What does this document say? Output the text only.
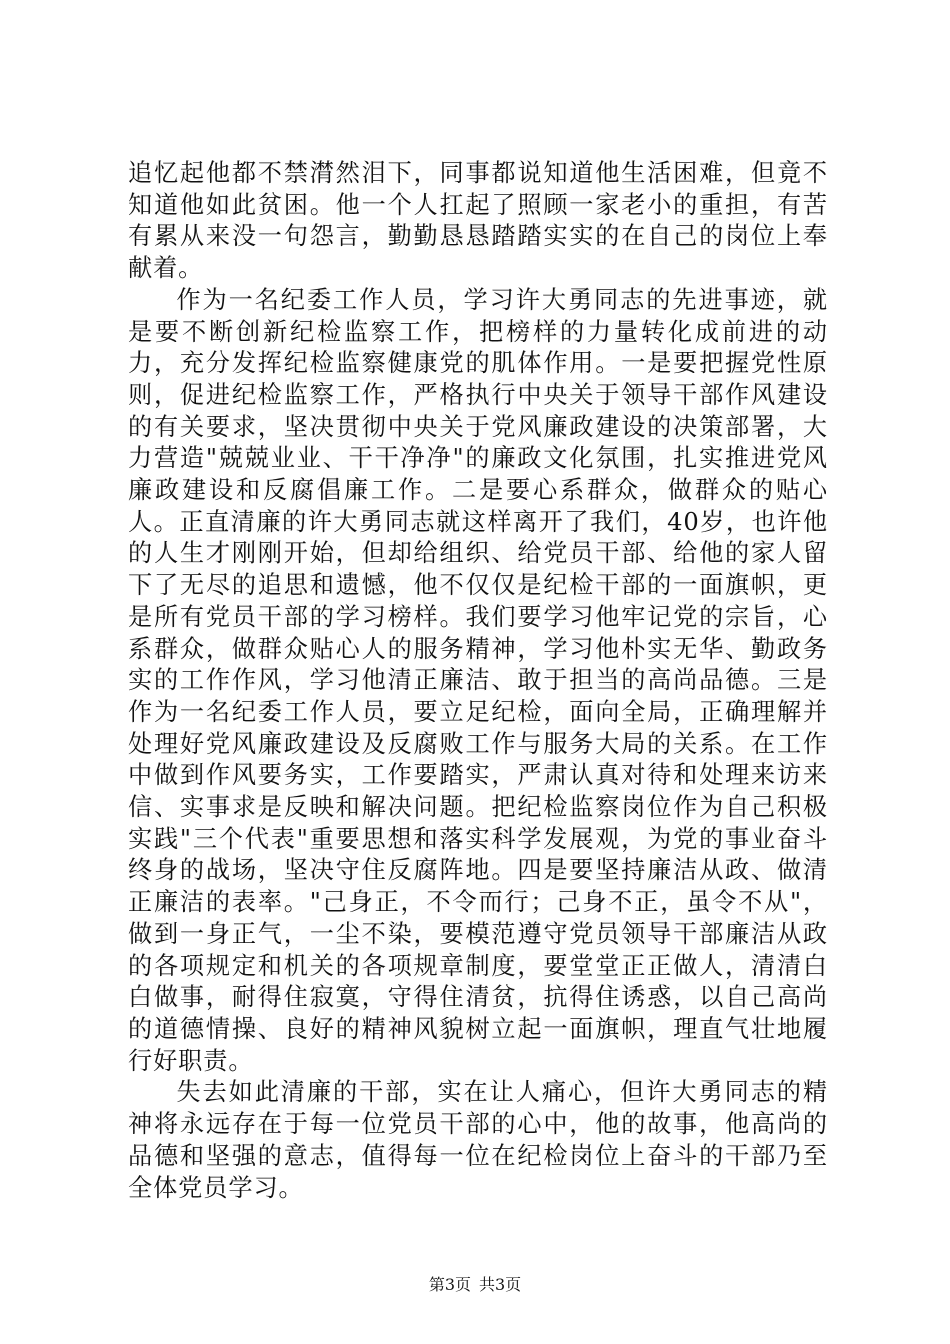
追忆起他都不禁潸然泪下，同事都说知道他生活困难，但竟不知道他如此贫困。他一个人扛起了照顾一家老小的重担，有苦有累从来没一句怨言，勤勤恳恳踏踏实实的在自己的岗位上奉献着。

作为一名纪委工作人员，学习许大勇同志的先进事迹，就是要不断创新纪检监察工作，把榜样的力量转化成前进的动力，充分发挥纪检监察健康党的肌体作用。一是要把握党性原则，促进纪检监察工作，严格执行中央关于领导干部作风建设的有关要求，坚决贯彻中央关于党风廉政建设的决策部署，大力营造"兢兢业业、干干净净"的廉政文化氛围，扎实推进党风廉政建设和反腐倡廉工作。二是要心系群众，做群众的贴心人。正直清廉的许大勇同志就这样离开了我们，40岁，也许他的人生才刚刚开始，但却给组织、给党员干部、给他的家人留下了无尽的追思和遗憾，他不仅仅是纪检干部的一面旗帜，更是所有党员干部的学习榜样。我们要学习他牢记党的宗旨，心系群众，做群众贴心人的服务精神，学习他朴实无华、勤政务实的工作作风，学习他清正廉洁、敢于担当的高尚品德。三是作为一名纪委工作人员，要立足纪检，面向全局，正确理解并处理好党风廉政建设及反腐败工作与服务大局的关系。在工作中做到作风要务实，工作要踏实，严肃认真对待和处理来访来信、实事求是反映和解决问题。把纪检监察岗位作为自己积极实践"三个代表"重要思想和落实科学发展观，为党的事业奋斗终身的战场，坚决守住反腐阵地。四是要坚持廉洁从政、做清正廉洁的表率。"己身正，不令而行；己身不正，虽令不从"，做到一身正气，一尘不染，要模范遵守党员领导干部廉洁从政的各项规定和机关的各项规章制度，要堂堂正正做人，清清白白做事，耐得住寂寞，守得住清贫，抗得住诱惑，以自己高尚的道德情操、良好的精神风貌树立起一面旗帜，理直气壮地履行好职责。

失去如此清廉的干部，实在让人痛心，但许大勇同志的精神将永远存在于每一位党员干部的心中，他的故事，他高尚的品德和坚强的意志，值得每一位在纪检岗位上奋斗的干部乃至全体党员学习。

第3页 共3页
